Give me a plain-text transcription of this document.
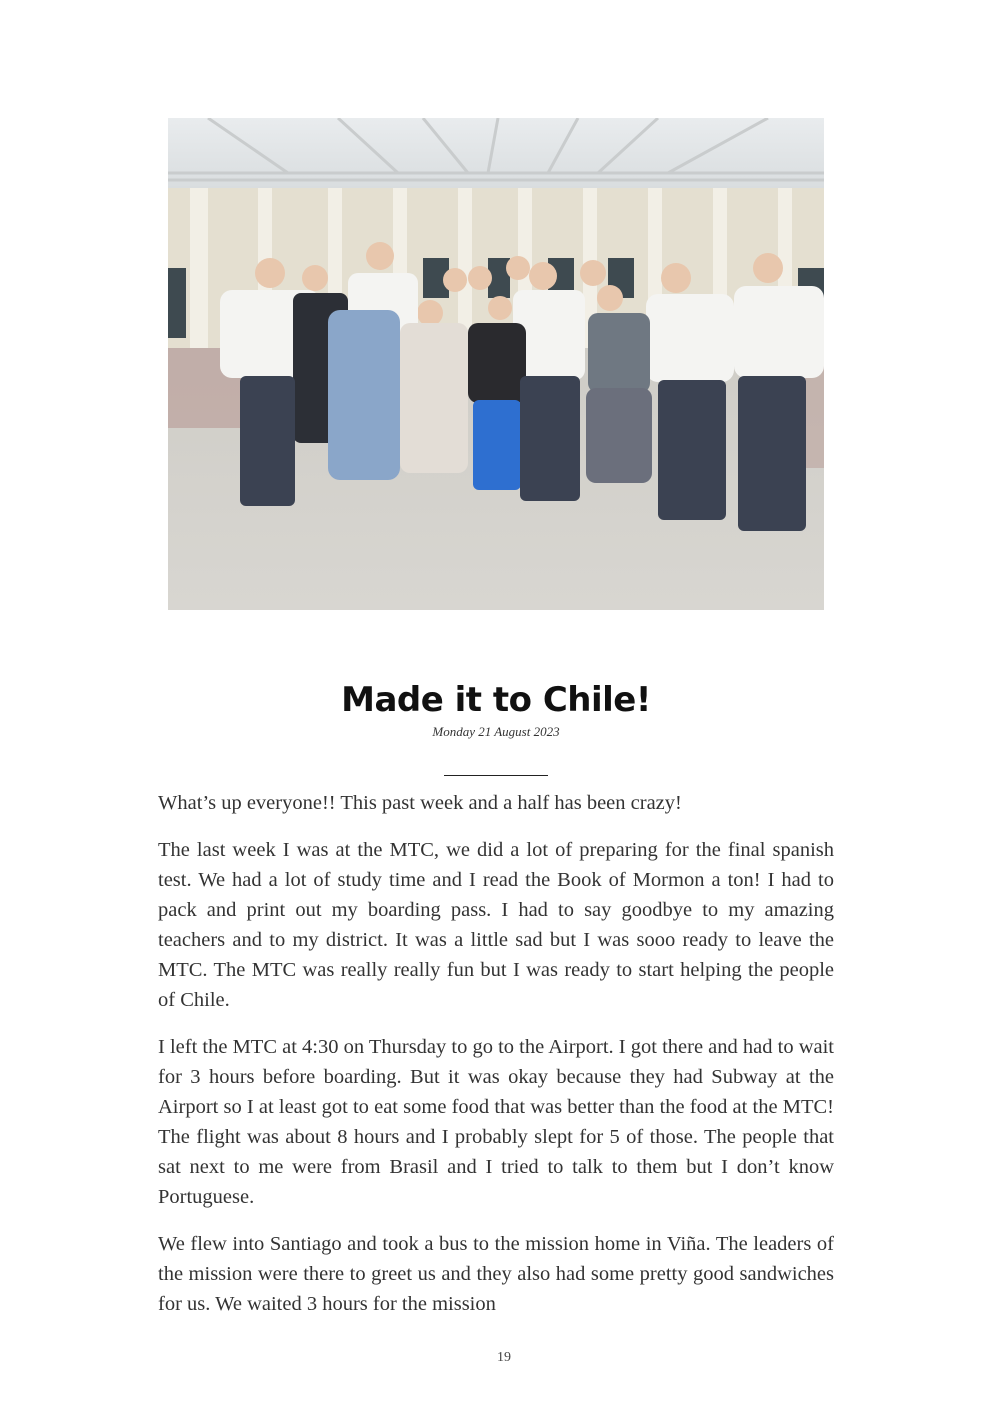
Made it to Chile!
Monday 21 August 2023

What’s up everyone!! This past week and a half has been crazy!

The last week I was at the MTC, we did a lot of preparing for the final spanish test. We had a lot of study time and I read the Book of Mormon a ton! I had to pack and print out my boarding pass. I had to say goodbye to my amazing teachers and to my district. It was a little sad but I was sooo ready to leave the MTC. The MTC was really really fun but I was ready to start helping the people of Chile.

I left the MTC at 4:30 on Thursday to go to the Airport. I got there and had to wait for 3 hours before boarding. But it was okay because they had Subway at the Airport so I at least got to eat some food that was better than the food at the MTC! The flight was about 8 hours and I probably slept for 5 of those. The people that sat next to me were from Brasil and I tried to talk to them but I don’t know Portuguese.

We flew into Santiago and took a bus to the mission home in Viña. The leaders of the mission were there to greet us and they also had some pretty good sandwiches for us. We waited 3 hours for the mission

19
